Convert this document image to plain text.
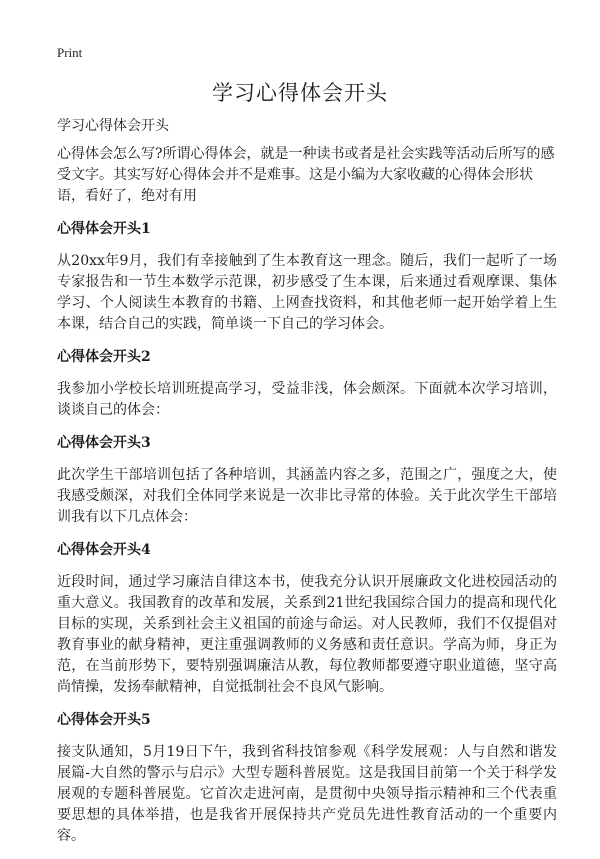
Print
学习心得体会开头

学习心得体会开头

心得体会怎么写?所谓心得体会，就是一种读书或者是社会实践等活动后所写的感受文字。其实写好心得体会并不是难事。这是小编为大家收藏的心得体会形状语，看好了，绝对有用

心得体会开头1

从20xx年9月，我们有幸接触到了生本教育这一理念。随后，我们一起听了一场专家报告和一节生本数学示范课，初步感受了生本课，后来通过看观摩课、集体学习、个人阅读生本教育的书籍、上网查找资料，和其他老师一起开始学着上生本课，结合自己的实践，简单谈一下自己的学习体会。

心得体会开头2

我参加小学校长培训班提高学习，受益非浅，体会颇深。下面就本次学习培训，谈谈自己的体会：

心得体会开头3

此次学生干部培训包括了各种培训，其涵盖内容之多，范围之广，强度之大，使我感受颇深，对我们全体同学来说是一次非比寻常的体验。关于此次学生干部培训我有以下几点体会：

心得体会开头4

近段时间，通过学习廉洁自律这本书，使我充分认识开展廉政文化进校园活动的重大意义。我国教育的改革和发展，关系到21世纪我国综合国力的提高和现代化目标的实现，关系到社会主义祖国的前途与命运。对人民教师，我们不仅提倡对教育事业的献身精神，更注重强调教师的义务感和责任意识。学高为师，身正为范，在当前形势下，要特别强调廉洁从教，每位教师都要遵守职业道德，坚守高尚情操，发扬奉献精神，自觉抵制社会不良风气影响。

心得体会开头5

接支队通知，5月19日下午，我到省科技馆参观《科学发展观：人与自然和谐发展篇-大自然的警示与启示》大型专题科普展览。这是我国目前第一个关于科学发展观的专题科普展览。它首次走进河南，是贯彻中央领导指示精神和三个代表重要思想的具体举措，也是我省开展保持共产党员先进性教育活动的一个重要内容。
